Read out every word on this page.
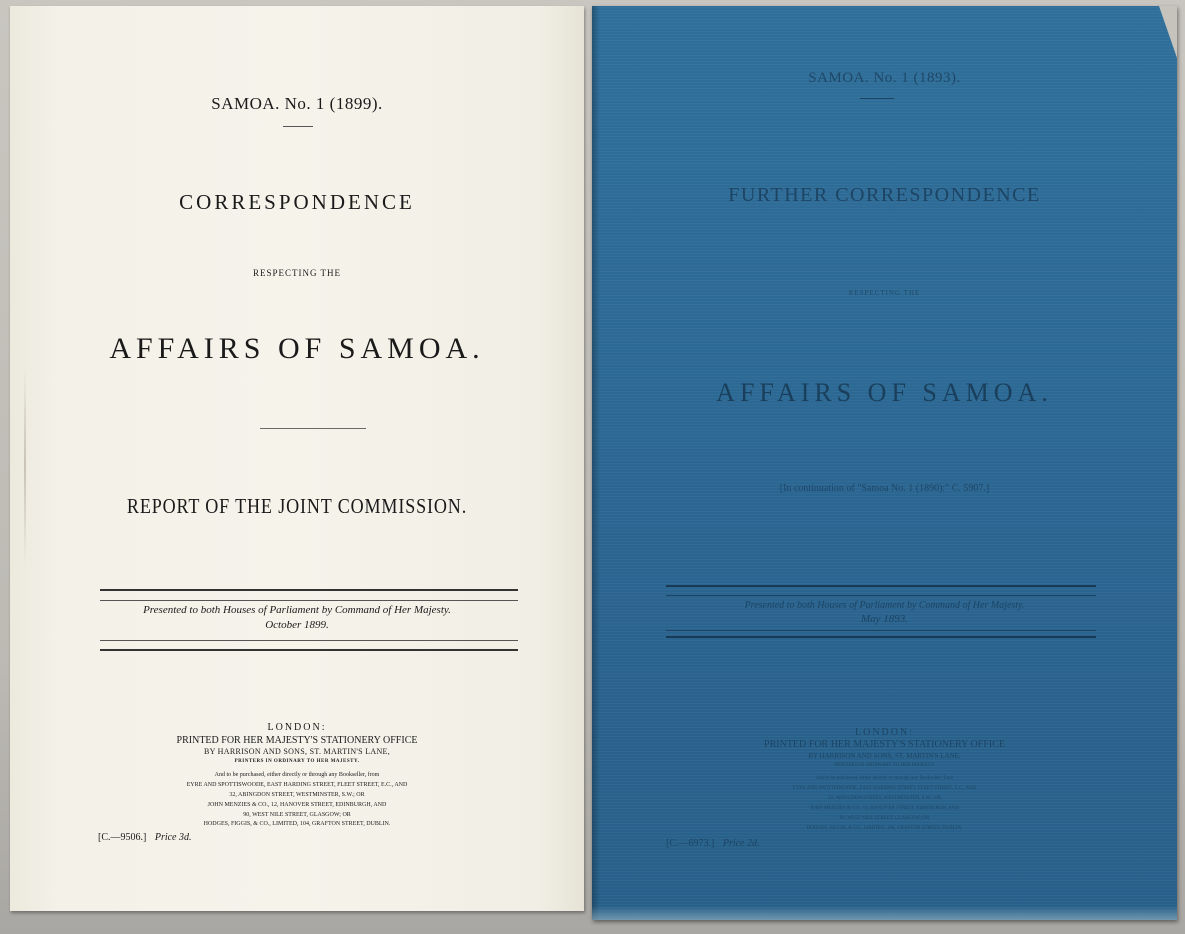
SAMOA. No. 1 (1899).
CORRESPONDENCE
RESPECTING THE
AFFAIRS OF SAMOA.
REPORT OF THE JOINT COMMISSION.
Presented to both Houses of Parliament by Command of Her Majesty.
October 1899.
LONDON:
PRINTED FOR HER MAJESTY'S STATIONERY OFFICE
BY HARRISON AND SONS, ST. MARTIN'S LANE,
PRINTERS IN ORDINARY TO HER MAJESTY.
And to be purchased, either directly or through any Bookseller, from
EYRE AND SPOTTISWOODE, EAST HARDING STREET, FLEET STREET, E.C., AND
32, ABINGDON STREET, WESTMINSTER, S.W.; OR
JOHN MENZIES & CO., 12, HANOVER STREET, EDINBURGH, AND
90, WEST NILE STREET, GLASGOW; OR
HODGES, FIGGIS, & CO., LIMITED, 104, GRAFTON STREET, DUBLIN.
[C.—9506.] Price 3d.
SAMOA. No. 1 (1893).
FURTHER CORRESPONDENCE
RESPECTING THE
AFFAIRS OF SAMOA.
[In continuation of "Samoa No. 1 (1890):" C. 5907.]
Presented to both Houses of Parliament by Command of Her Majesty.
May 1893.
LONDON:
PRINTED FOR HER MAJESTY'S STATIONERY OFFICE
BY HARRISON AND SONS, ST. MARTIN'S LANE,
PRINTERS IN ORDINARY TO HER MAJESTY.
And to be purchased, either directly or through any Bookseller, from
EYRE AND SPOTTISWOODE, EAST HARDING STREET, FLEET STREET, E.C., AND
32, ABINGDON STREET, WESTMINSTER, S.W.; OR
JOHN MENZIES & CO., 12, HANOVER STREET, EDINBURGH, AND
90, WEST NILE STREET, GLASGOW; OR
HODGES, FIGGIS, & CO., LIMITED, 104, GRAFTON STREET, DUBLIN.
[C.—6973.] Price 2d.
